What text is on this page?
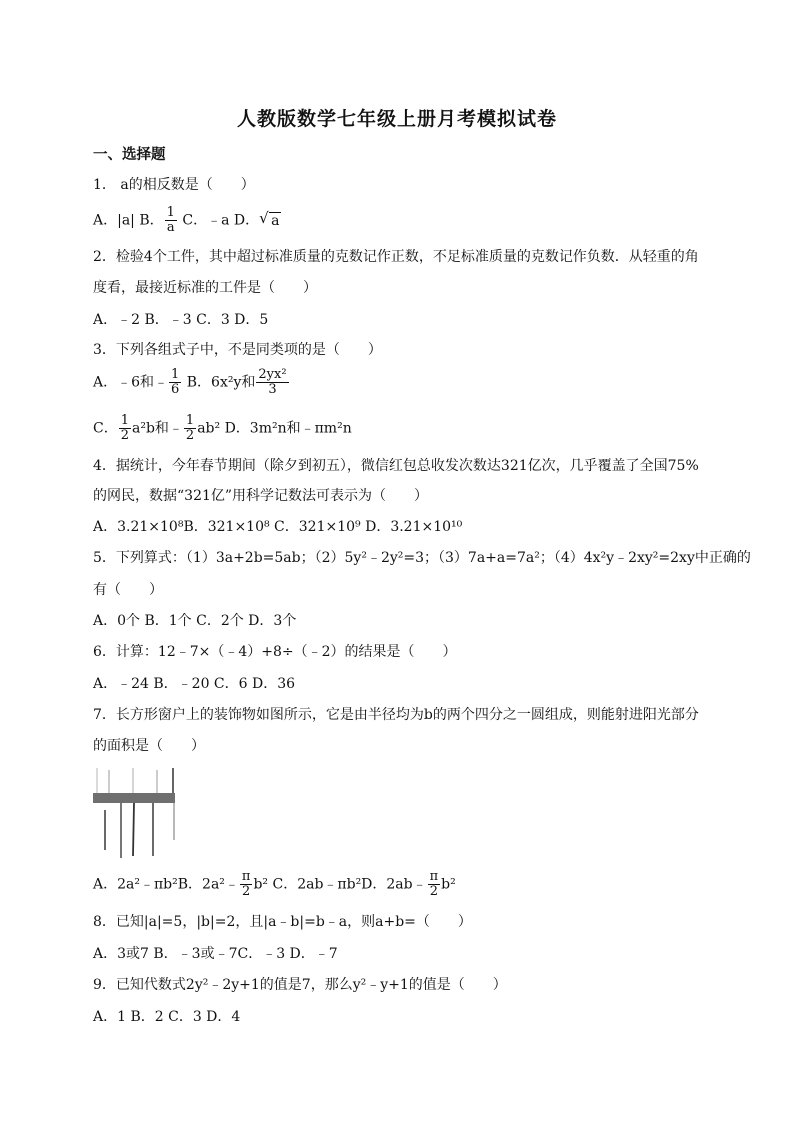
人教版数学七年级上册月考模拟试卷
一、选择题
1． a的相反数是（　　）
A．|a| B． $\frac{1}{a}$ C．﹣a D． √ a
2．检验4个工件，其中超过标准质量的克数记作正数，不足标准质量的克数记作负数．从轻重的角
度看，最接近标准的工件是（　　）
A．﹣2 B．﹣3 C．3 D．5
3．下列各组式子中，不是同类项的是（　　）
A．﹣6和﹣ $\frac{1}{6}$ B．6x²y和 $\frac{\text{2yx²}}{3}$
C． $\frac{1}{2} a^2b$和﹣ $\frac{1}{2} ab^2$ D．3m²n和﹣πm²n
4．据统计，今年春节期间（除夕到初五），微信红包总收发次数达321亿次，几乎覆盖了全国75%
的网民，数据“321亿”用科学记数法可表示为（　　）
A．3.21×10⁸B．321×10⁸ C．321×10⁹ D．3.21×10¹⁰
5．下列算式：（1）3a+2b=5ab；（2）5y²﹣2y²=3；（3）7a+a=7a²；（4）4x²y﹣2xy²=2xy中正确的
有（　　）
A．0个 B．1个 C．2个 D．3个
6．计算：12﹣7×（﹣4）+8÷（﹣2）的结果是（　　）
A．﹣24 B．﹣20 C．6 D．36
7．长方形窗户上的装饰物如图所示，它是由半径均为b的两个四分之一圆组成，则能射进阳光部分
的面积是（　　）
A．2a²﹣πb²B．2a²﹣ $\frac{\pi}{2} b^2$ C．2ab﹣πb²D．2ab﹣ $\frac{\pi}{2} b^2$
8．已知|a|=5，|b|=2，且|a﹣b|=b﹣a，则a+b=（　　）
A．3或7 B．﹣3或﹣7C．﹣3 D．﹣7
9．已知代数式2y²﹣2y+1的值是7，那么y²﹣y+1的值是（　　）
A．1 B．2 C．3 D．4
